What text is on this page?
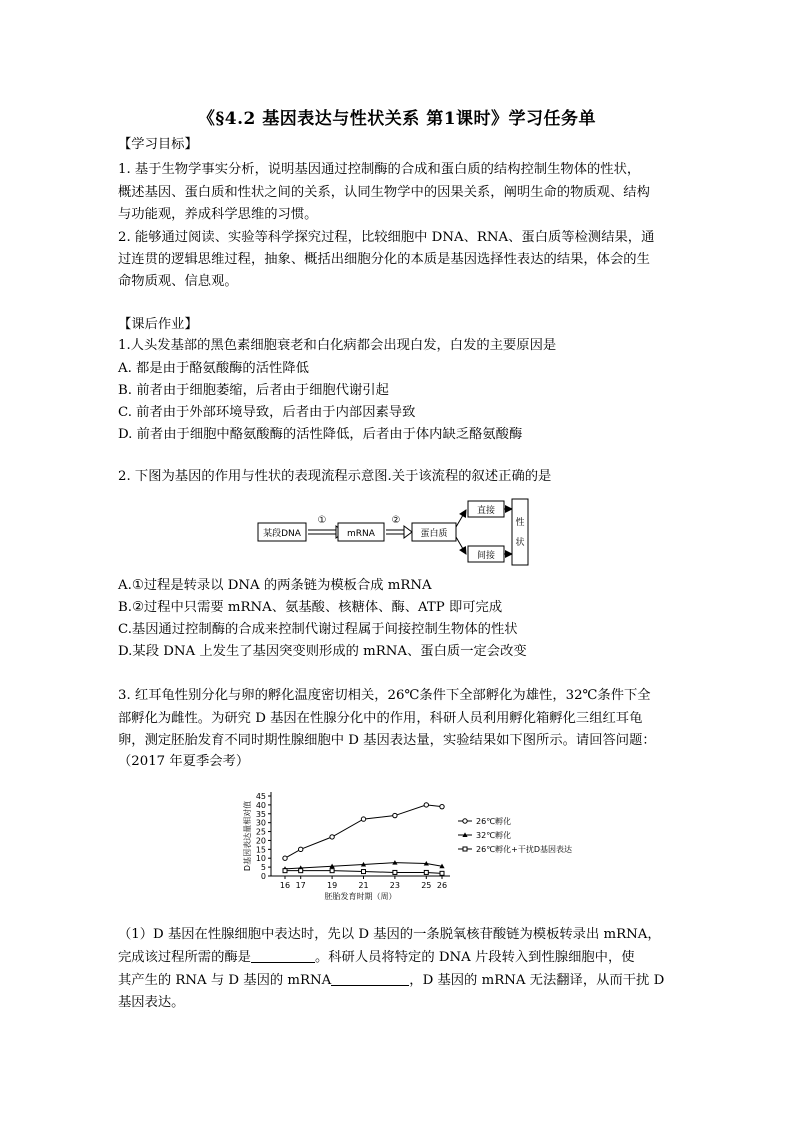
《§4.2 基因表达与性状关系 第1课时》学习任务单
【学习目标】
1. 基于生物学事实分析，说明基因通过控制酶的合成和蛋白质的结构控制生物体的性状，
概述基因、蛋白质和性状之间的关系，认同生物学中的因果关系，阐明生命的物质观、结构
与功能观，养成科学思维的习惯。
2. 能够通过阅读、实验等科学探究过程，比较细胞中 DNA、RNA、蛋白质等检测结果，通
过连贯的逻辑思维过程，抽象、概括出细胞分化的本质是基因选择性表达的结果，体会的生
命物质观、信息观。
【课后作业】
1.人头发基部的黑色素细胞衰老和白化病都会出现白发，白发的主要原因是
A. 都是由于酪氨酸酶的活性降低
B. 前者由于细胞萎缩，后者由于细胞代谢引起
C. 前者由于外部环境导致，后者由于内部因素导致
D. 前者由于细胞中酪氨酸酶的活性降低，后者由于体内缺乏酪氨酸酶
2. 下图为基因的作用与性状的表现流程示意图.关于该流程的叙述正确的是
某段DNA
①
mRNA
②
蛋白质
直接
间接
性
状
A.①过程是转录以 DNA 的两条链为模板合成 mRNA
B.②过程中只需要 mRNA、氨基酸、核糖体、酶、ATP 即可完成
C.基因通过控制酶的合成来控制代谢过程属于间接控制生物体的性状
D.某段 DNA 上发生了基因突变则形成的 mRNA、蛋白质一定会改变
3. 红耳龟性别分化与卵的孵化温度密切相关，26℃条件下全部孵化为雄性，32℃条件下全
部孵化为雌性。为研究 D 基因在性腺分化中的作用，科研人员利用孵化箱孵化三组红耳龟
卵，测定胚胎发育不同时期性腺细胞中 D 基因表达量，实验结果如下图所示。请回答问题：
（2017 年夏季会考）
0
5
10
15
20
25
30
35
40
45
16 17	19	21	23	25 26
胚胎发育时期（周）
D基因表达量相对值	26℃孵化
32℃孵化
26℃孵化+干扰D基因表达
（1）D 基因在性腺细胞中表达时，先以 D 基因的一条脱氧核苷酸链为模板转录出 mRNA，
完成该过程所需的酶是	。科研人员将特定的 DNA 片段转入到性腺细胞中，使
其产生的 RNA 与 D 基因的 mRNA	，D 基因的 mRNA 无法翻译，从而干扰 D
基因表达。
